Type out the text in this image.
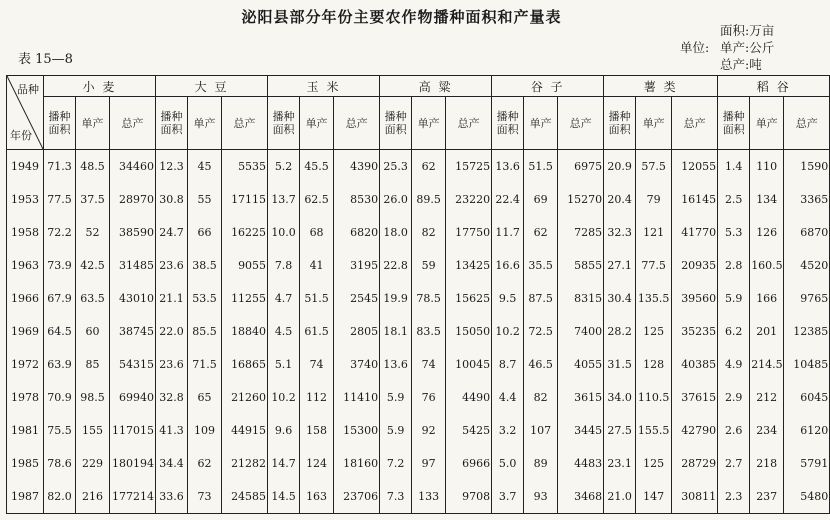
泌阳县部分年份主要农作物播种面积和产量表
表 15—8
面积: 万亩
单位: 单产: 公斤
总产: 吨
品种
年份	小 麦			大 豆			玉 米			高 粱			谷 子			薯 类			稻 谷		
	播种面积	单产	总产	播种面积	单产	总产	播种面积	单产	总产	播种面积	单产	总产	播种面积	单产	总产	播种面积	单产	总产	播种面积	单产	总产
1949	71.3	48.5	34460	12.3	45	5535	5.2	45.5	4390	25.3	62	15725	13.6	51.5	6975	20.9	57.5	12055	1.4	110	1590
1953	77.5	37.5	28970	30.8	55	17115	13.7	62.5	8530	26.0	89.5	23220	22.4	69	15270	20.4	79	16145	2.5	134	3365
1958	72.2	52	38590	24.7	66	16225	10.0	68	6820	18.0	82	17750	11.7	62	7285	32.3	121	41770	5.3	126	6870
1963	73.9	42.5	31485	23.6	38.5	9055	7.8	41	3195	22.8	59	13425	16.6	35.5	5855	27.1	77.5	20935	2.8	160.5	4520
1966	67.9	63.5	43010	21.1	53.5	11255	4.7	51.5	2545	19.9	78.5	15625	9.5	87.5	8315	30.4	135.5	39560	5.9	166	9765
1969	64.5	60	38745	22.0	85.5	18840	4.5	61.5	2805	18.1	83.5	15050	10.2	72.5	7400	28.2	125	35235	6.2	201	12385
1972	63.9	85	54315	23.6	71.5	16865	5.1	74	3740	13.6	74	10045	8.7	46.5	4055	31.5	128	40385	4.9	214.5	10485
1978	70.9	98.5	69940	32.8	65	21260	10.2	112	11410	5.9	76	4490	4.4	82	3615	34.0	110.5	37615	2.9	212	6045
1981	75.5	155	117015	41.3	109	44915	9.6	158	15300	5.9	92	5425	3.2	107	3445	27.5	155.5	42790	2.6	234	6120
1985	78.6	229	180194	34.4	62	21282	14.7	124	18160	7.2	97	6966	5.0	89	4483	23.1	125	28729	2.7	218	5791
1987	82.0	216	177214	33.6	73	24585	14.5	163	23706	7.3	133	9708	3.7	93	3468	21.0	147	30811	2.3	237	5480
